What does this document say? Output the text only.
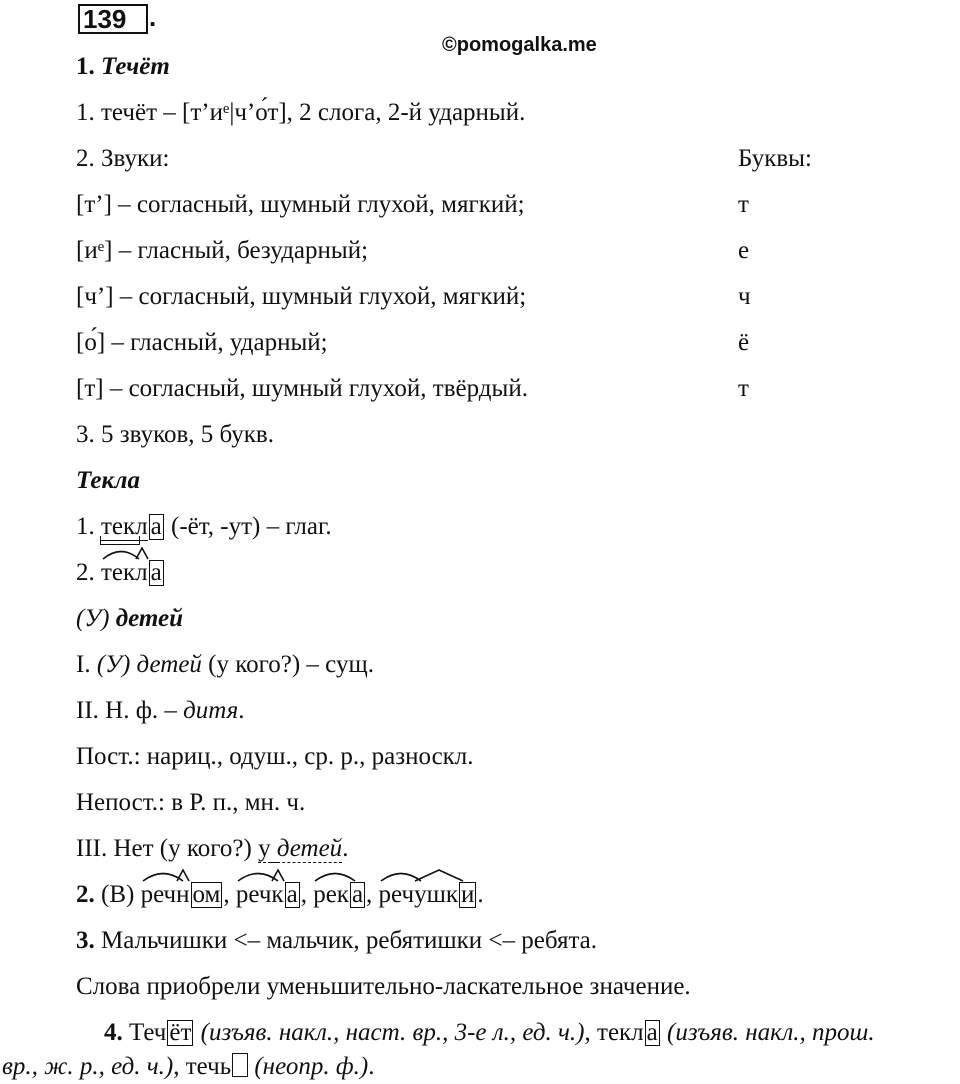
139 .
©pomogalka.me
1. Течёт
1. течёт – [т’иᵉ|ч’о́т], 2 слога, 2-й ударный.
2. Звуки:	Буквы:
[т’] – согласный, шумный глухой, мягкий;	т
[иᵉ] – гласный, безударный;	е
[ч’] – согласный, шумный глухой, мягкий;	ч
[о́] – гласный, ударный;	ё
[т] – согласный, шумный глухой, твёрдый.	т
3. 5 звуков, 5 букв.
Текла
1. текл а (-ёт, -ут) – глаг.
2.
тек
л а
(У) детей
I. (У) детей (у кого?) – сущ.
II. Н. ф. – дитя.
Пост.: нариц., одуш., ср. р., разноскл.
Непост.: в Р. п., мн. ч.
III. Нет (у кого?) у детей.
2. (В)
реч
н ом ,
реч
к а ,
рек а ,
реч
ушк и .
3. Мальчишки <– мальчик, ребятишки <– ребята.
Слова приобрели уменьшительно-ласкательное значение.
4. Теч ёт (изъяв. накл., наст. вр., 3-е л., ед. ч.), текл а (изъяв. накл., прош.
вр., ж. р., ед. ч.), течь (неопр. ф.).
